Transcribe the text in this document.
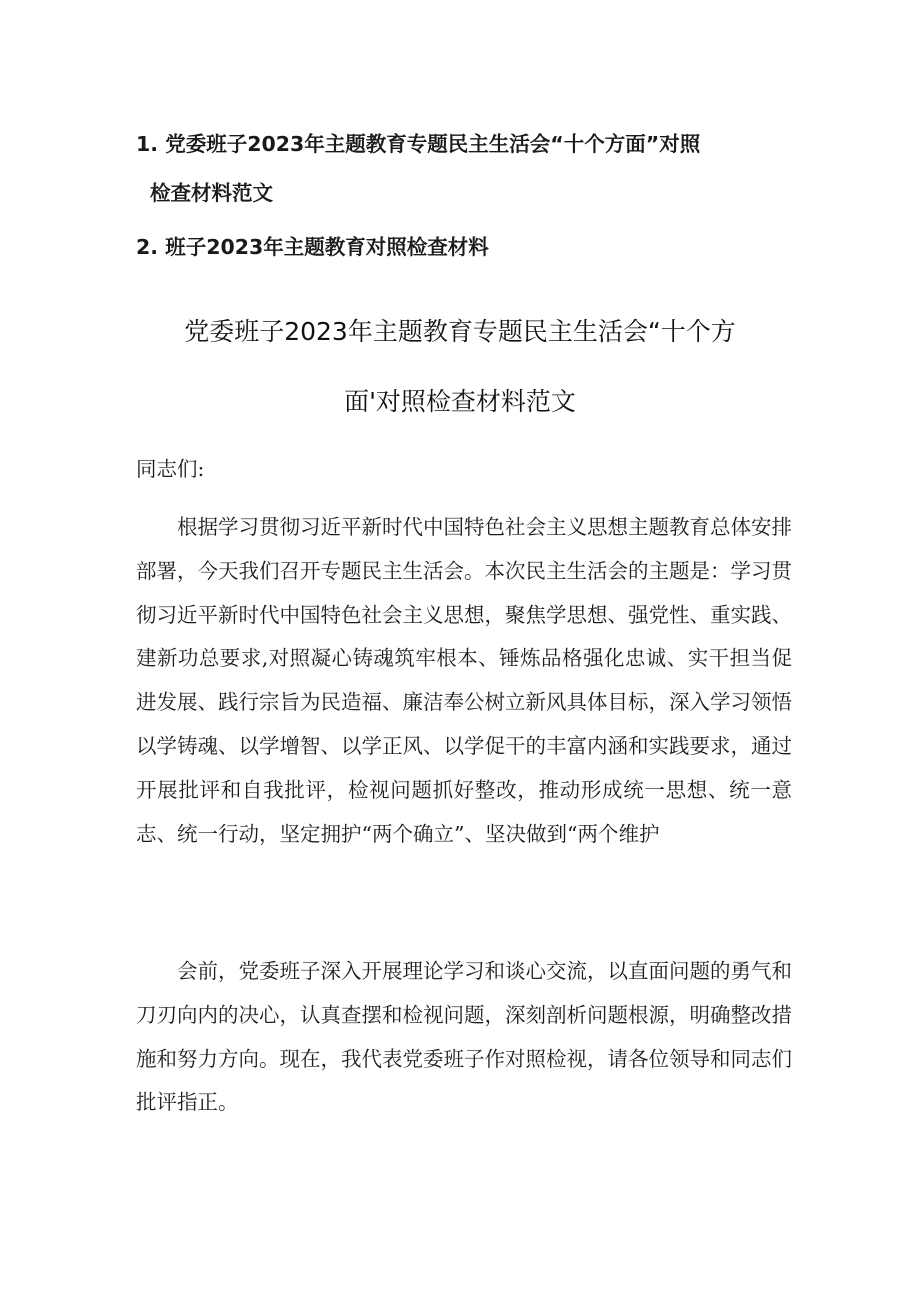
1. 党委班子2023年主题教育专题民主生活会“十个方面”对照
检查材料范文
2. 班子2023年主题教育对照检查材料
党委班子2023年主题教育专题民主生活会“十个方
面'对照检查材料范文
同志们:
根据学习贯彻习近平新时代中国特色社会主义思想主题教育总体安排部署，今天我们召开专题民主生活会。本次民主生活会的主题是：学习贯彻习近平新时代中国特色社会主义思想，聚焦学思想、强党性、重实践、建新功总要求,对照凝心铸魂筑牢根本、锤炼品格强化忠诚、实干担当促进发展、践行宗旨为民造福、廉洁奉公树立新风具体目标，深入学习领悟以学铸魂、以学增智、以学正风、以学促干的丰富内涵和实践要求，通过开展批评和自我批评，检视问题抓好整改，推动形成统一思想、统一意志、统一行动，坚定拥护“两个确立”、坚决做到“两个维护
会前，党委班子深入开展理论学习和谈心交流，以直面问题的勇气和刀刃向内的决心，认真查摆和检视问题，深刻剖析问题根源，明确整改措施和努力方向。现在，我代表党委班子作对照检视，请各位领导和同志们批评指正。
